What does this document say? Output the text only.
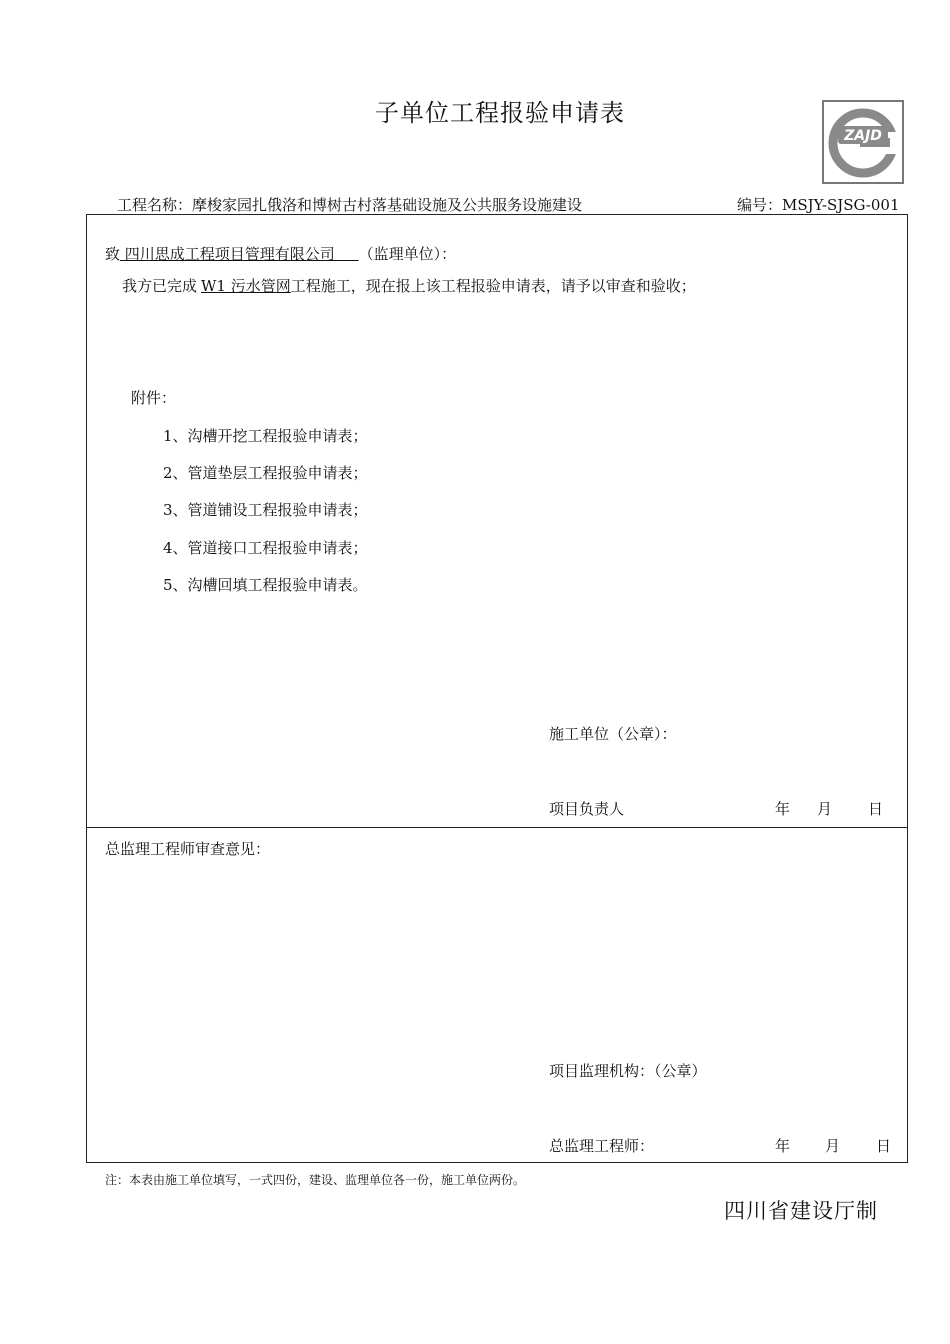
子单位工程报验申请表
ZAJD
工程名称：摩梭家园扎俄洛和博树古村落基础设施及公共服务设施建设	编号：MSJY-SJSG-001
致 四川思成工程项目管理有限公司     （监理单位）：
我方已完成 W1 污水管网工程施工，现在报上该工程报验申请表，请予以审查和验收；
附件：
1、沟槽开挖工程报验申请表；
2、管道垫层工程报验申请表；
3、管道铺设工程报验申请表；
4、管道接口工程报验申请表；
5、沟槽回填工程报验申请表。
施工单位（公章）：
项目负责人	年 月 日
总监理工程师审查意见：
项目监理机构：（公章）
总监理工程师：	年 月 日
注：本表由施工单位填写，一式四份，建设、监理单位各一份，施工单位两份。
四川省建设厅制
